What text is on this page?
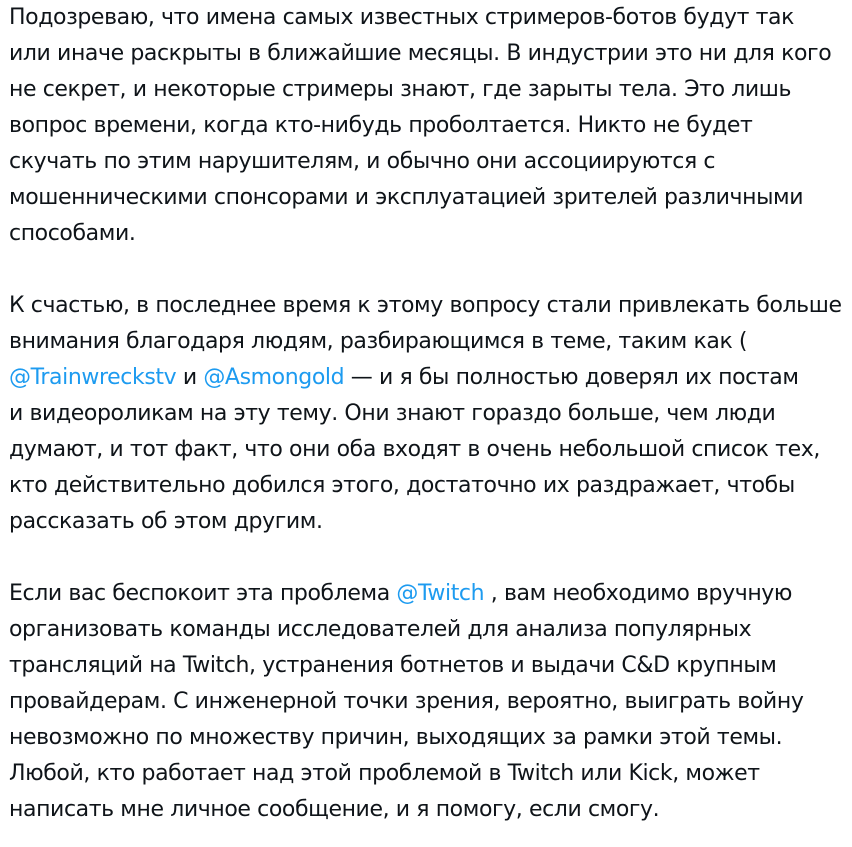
Подозреваю, что имена самых известных стримеров-ботов будут так
или иначе раскрыты в ближайшие месяцы. В индустрии это ни для кого
не секрет, и некоторые стримеры знают, где зарыты тела. Это лишь
вопрос времени, когда кто-нибудь проболтается. Никто не будет
скучать по этим нарушителям, и обычно они ассоциируются с
мошенническими спонсорами и эксплуатацией зрителей различными
способами.
К счастью, в последнее время к этому вопросу стали привлекать больше
внимания благодаря людям, разбирающимся в теме, таким как (
@Trainwreckstv и @Asmongold — и я бы полностью доверял их постам
и видеороликам на эту тему. Они знают гораздо больше, чем люди
думают, и тот факт, что они оба входят в очень небольшой список тех,
кто действительно добился этого, достаточно их раздражает, чтобы
рассказать об этом другим.
Если вас беспокоит эта проблема @Twitch , вам необходимо вручную
организовать команды исследователей для анализа популярных
трансляций на Twitch, устранения ботнетов и выдачи C&D крупным
провайдерам. С инженерной точки зрения, вероятно, выиграть войну
невозможно по множеству причин, выходящих за рамки этой темы.
Любой, кто работает над этой проблемой в Twitch или Kick, может
написать мне личное сообщение, и я помогу, если смогу.
